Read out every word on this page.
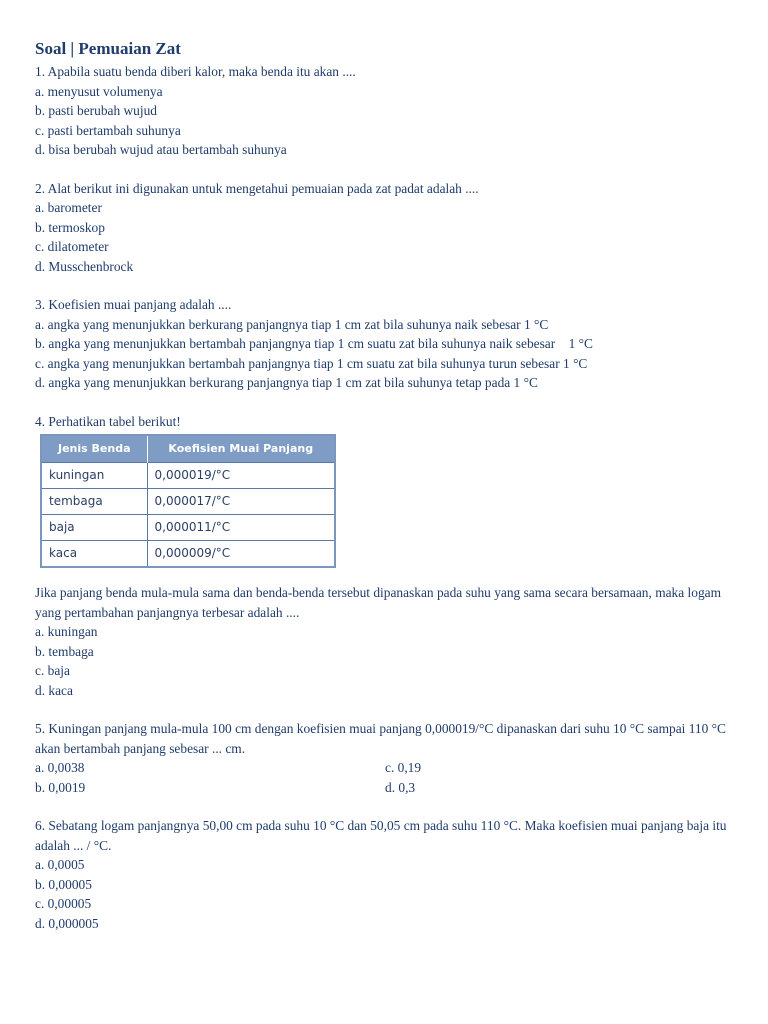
Soal | Pemuaian Zat
1. Apabila suatu benda diberi kalor, maka benda itu akan ....
a. menyusut volumenya
b. pasti berubah wujud
c. pasti bertambah suhunya
d. bisa berubah wujud atau bertambah suhunya
2. Alat berikut ini digunakan untuk mengetahui pemuaian pada zat padat adalah ....
a. barometer
b. termoskop
c. dilatometer
d. Musschenbrock
3. Koefisien muai panjang adalah ....
a. angka yang menunjukkan berkurang panjangnya tiap 1 cm zat bila suhunya naik sebesar 1 °C
b. angka yang menunjukkan bertambah panjangnya tiap 1 cm suatu zat bila suhunya naik sebesar    1 °C
c. angka yang menunjukkan bertambah panjangnya tiap 1 cm suatu zat bila suhunya turun sebesar 1 °C
d. angka yang menunjukkan berkurang panjangnya tiap 1 cm zat bila suhunya tetap pada 1 °C
4. Perhatikan tabel berikut!
Jenis Benda	Koefisien Muai Panjang
kuningan	0,000019/°C
tembaga	0,000017/°C
baja	0,000011/°C
kaca	0,000009/°C
Jika panjang benda mula-mula sama dan benda-benda tersebut dipanaskan pada suhu yang sama secara bersamaan, maka logam yang pertambahan panjangnya terbesar adalah ....
a. kuningan
b. tembaga
c. baja
d. kaca
5. Kuningan panjang mula-mula 100 cm dengan koefisien muai panjang 0,000019/°C dipanaskan dari suhu 10 °C sampai 110 °C akan bertambah panjang sebesar ... cm.
a. 0,0038
b. 0,0019
c. 0,19
d. 0,3
6. Sebatang logam panjangnya 50,00 cm pada suhu 10 °C dan 50,05 cm pada suhu 110 °C. Maka koefisien muai panjang baja itu adalah ... / °C.
a. 0,0005
b. 0,00005
c. 0,00005
d. 0,000005
